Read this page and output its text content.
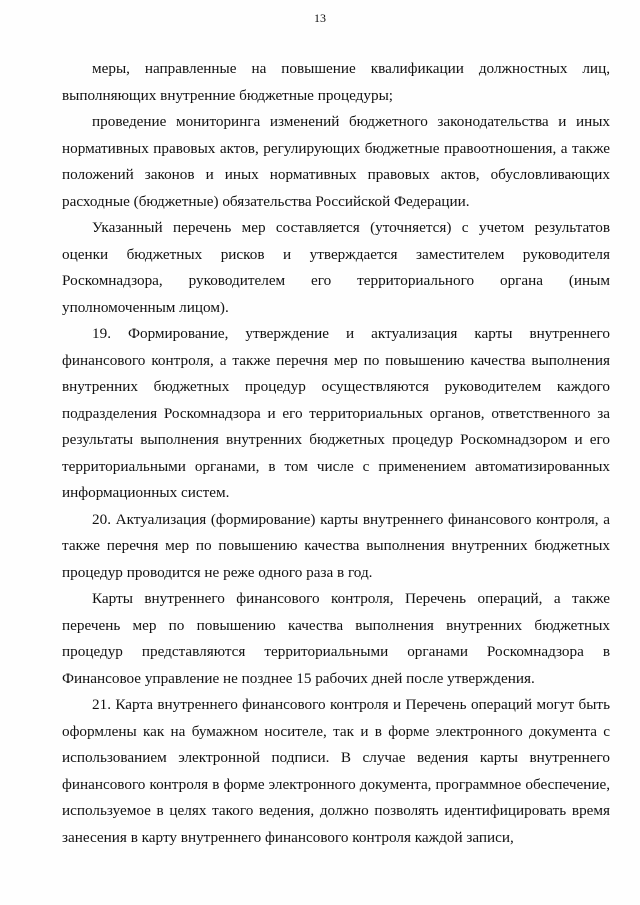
13

меры, направленные на повышение квалификации должностных лиц, выполняющих внутренние бюджетные процедуры;

проведение мониторинга изменений бюджетного законодательства и иных нормативных правовых актов, регулирующих бюджетные правоотношения, а также положений законов и иных нормативных правовых актов, обусловливающих расходные (бюджетные) обязательства Российской Федерации.

Указанный перечень мер составляется (уточняется) с учетом результатов оценки бюджетных рисков и утверждается заместителем руководителя Роскомнадзора, руководителем его территориального органа (иным уполномоченным лицом).

19. Формирование, утверждение и актуализация карты внутреннего финансового контроля, а также перечня мер по повышению качества выполнения внутренних бюджетных процедур осуществляются руководителем каждого подразделения Роскомнадзора и его территориальных органов, ответственного за результаты выполнения внутренних бюджетных процедур Роскомнадзором и его территориальными органами, в том числе с применением автоматизированных информационных систем.

20. Актуализация (формирование) карты внутреннего финансового контроля, а также перечня мер по повышению качества выполнения внутренних бюджетных процедур проводится не реже одного раза в год.

Карты внутреннего финансового контроля, Перечень операций, а также перечень мер по повышению качества выполнения внутренних бюджетных процедур представляются территориальными органами Роскомнадзора в Финансовое управление не позднее 15 рабочих дней после утверждения.

21. Карта внутреннего финансового контроля и Перечень операций могут быть оформлены как на бумажном носителе, так и в форме электронного документа с использованием электронной подписи. В случае ведения карты внутреннего финансового контроля в форме электронного документа, программное обеспечение, используемое в целях такого ведения, должно позволять идентифицировать время занесения в карту внутреннего финансового контроля каждой записи,
